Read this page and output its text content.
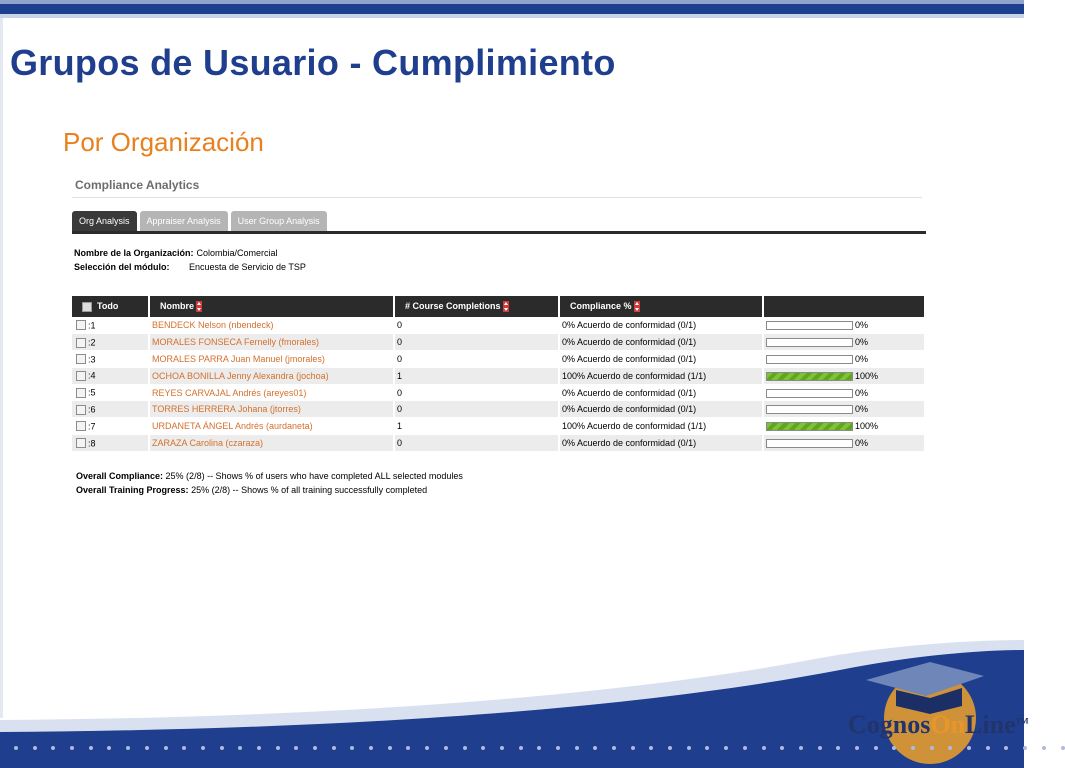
Grupos de Usuario - Cumplimiento
Por Organización
Compliance Analytics
Org Analysis	Appraiser Analysis	User Group Analysis
Nombre de la Organización: Colombia/Comercial
Selección del módulo:	Encuesta de Servicio de TSP
Todo	Nombre	# Course Completions	Compliance %	
:1	BENDECK Nelson (nbendeck)	0	0% Acuerdo de conformidad (0/1)	0%
:2	MORALES FONSECA Fernelly (fmorales)	0	0% Acuerdo de conformidad (0/1)	0%
:3	MORALES PARRA Juan Manuel (jmorales)	0	0% Acuerdo de conformidad (0/1)	0%
:4	OCHOA BONILLA Jenny Alexandra (jochoa)	1	100% Acuerdo de conformidad (1/1)	100%
:5	REYES CARVAJAL Andrés (areyes01)	0	0% Acuerdo de conformidad (0/1)	0%
:6	TORRES HERRERA Johana (jtorres)	0	0% Acuerdo de conformidad (0/1)	0%
:7	URDANETA ÁNGEL Andrés (aurdaneta)	1	100% Acuerdo de conformidad (1/1)	100%
:8	ZARAZA Carolina (czaraza)	0	0% Acuerdo de conformidad (0/1)	0%
Overall Compliance: 25% (2/8) -- Shows % of users who have completed ALL selected modules
Overall Training Progress: 25% (2/8) -- Shows % of all training successfully completed
CognosOnLine™
